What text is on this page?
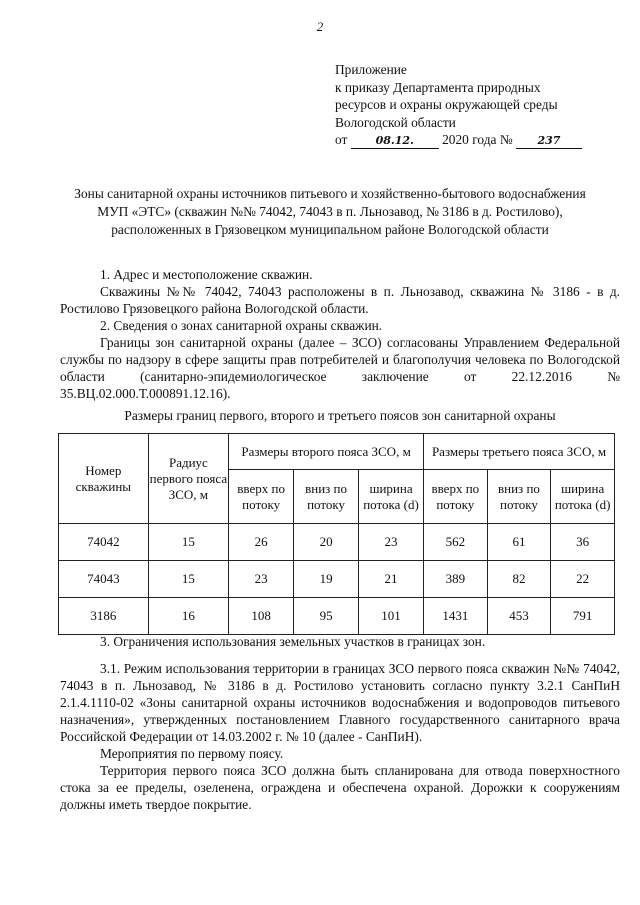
2
Приложение
к приказу Департамента природных
ресурсов и охраны окружающей среды
Вологодской области
от	08.12. 2020 года № 237
Зоны санитарной охраны источников питьевого и хозяйственно-бытового водоснабжения МУП «ЭТС» (скважин №№ 74042, 74043 в п. Льнозавод, № 3186 в д. Ростилово), расположенных в Грязовецком муниципальном районе Вологодской области
1. Адрес и местоположение скважин.
Скважины №№ 74042, 74043 расположены в п. Льнозавод, скважина № 3186 - в д. Ростилово Грязовецкого района Вологодской области.
2. Сведения о зонах санитарной охраны скважин.
Границы зон санитарной охраны (далее – ЗСО) согласованы Управлением Федеральной службы по надзору в сфере защиты прав потребителей и благополучия человека по Вологодской области (санитарно-эпидемиологическое заключение от 22.12.2016 № 35.ВЦ.02.000.Т.000891.12.16).
Размеры границ первого, второго и третьего поясов зон санитарной охраны
Номер скважины	Радиус первого пояса ЗСО, м	Размеры второго пояса ЗСО, м			Размеры третьего пояса ЗСО, м		
		вверх по потоку	вниз по потоку	ширина потока (d)	вверх по потоку	вниз по потоку	ширина потока (d)
74042	15	26	20	23	562	61	36
74043	15	23	19	21	389	82	22
3186	16	108	95	101	1431	453	791
3. Ограничения использования земельных участков в границах зон.
3.1. Режим использования территории в границах ЗСО первого пояса скважин №№ 74042, 74043 в п. Льнозавод, № 3186 в д. Ростилово установить согласно пункту 3.2.1 СанПиН 2.1.4.1110-02 «Зоны санитарной охраны источников водоснабжения и водопроводов питьевого назначения», утвержденных постановлением Главного государственного санитарного врача Российской Федерации от 14.03.2002 г. № 10 (далее - СанПиН).
Мероприятия по первому поясу.
Территория первого пояса ЗСО должна быть спланирована для отвода поверхностного стока за ее пределы, озеленена, ограждена и обеспечена охраной. Дорожки к сооружениям должны иметь твердое покрытие.
